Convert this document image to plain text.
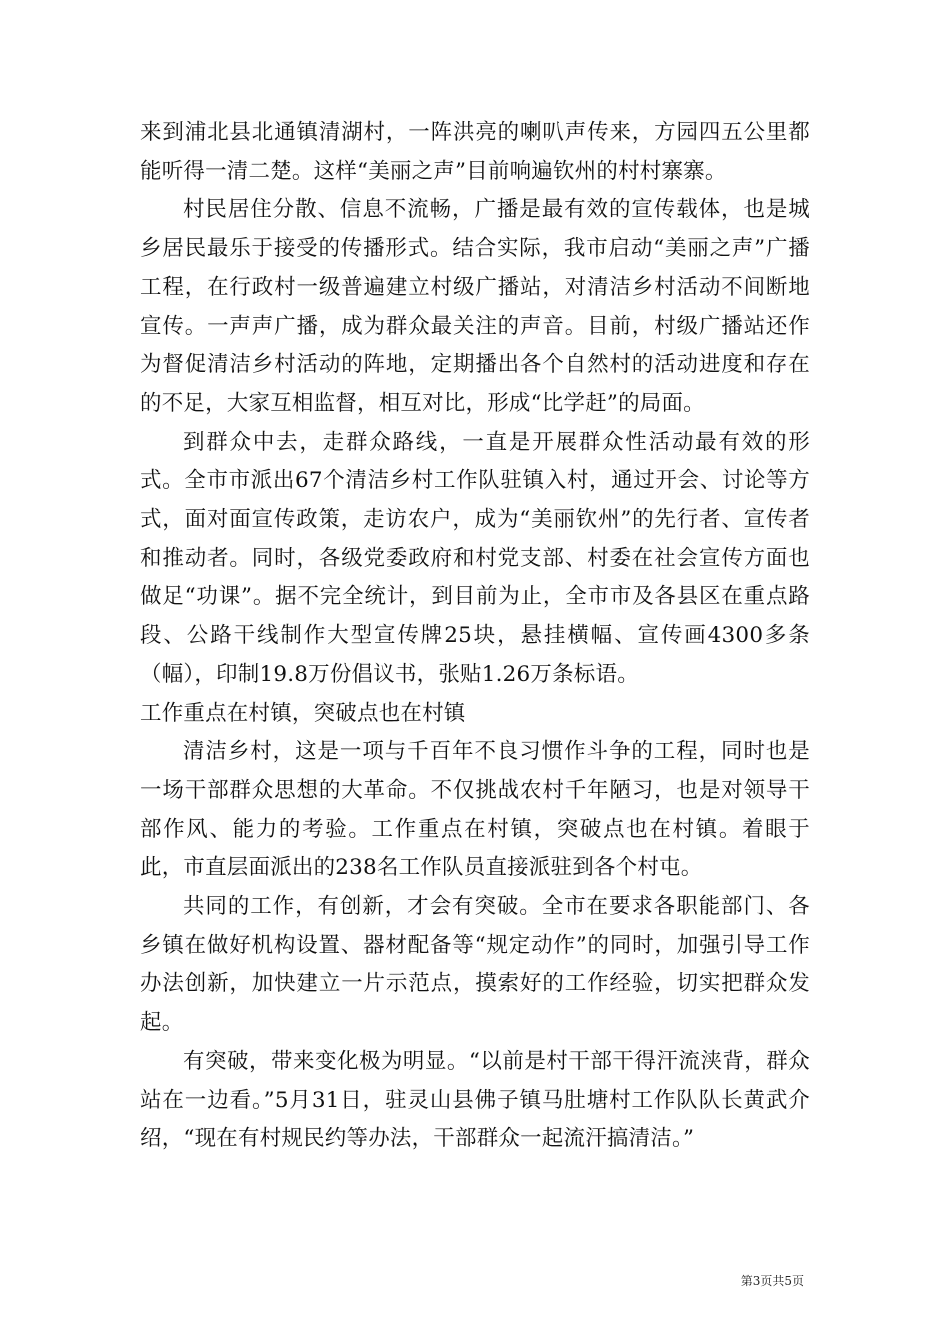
来到浦北县北通镇清湖村，一阵洪亮的喇叭声传来，方园四五公里都能听得一清二楚。这样“美丽之声”目前响遍钦州的村村寨寨。

村民居住分散、信息不流畅，广播是最有效的宣传载体，也是城乡居民最乐于接受的传播形式。结合实际，我市启动“美丽之声”广播工程，在行政村一级普遍建立村级广播站，对清洁乡村活动不间断地宣传。一声声广播，成为群众最关注的声音。目前，村级广播站还作为督促清洁乡村活动的阵地，定期播出各个自然村的活动进度和存在的不足，大家互相监督，相互对比，形成“比学赶”的局面。

到群众中去，走群众路线，一直是开展群众性活动最有效的形式。全市市派出67个清洁乡村工作队驻镇入村，通过开会、讨论等方式，面对面宣传政策，走访农户，成为“美丽钦州”的先行者、宣传者和推动者。同时，各级党委政府和村党支部、村委在社会宣传方面也做足“功课”。据不完全统计，到目前为止，全市市及各县区在重点路段、公路干线制作大型宣传牌25块，悬挂横幅、宣传画4300多条（幅），印制19.8万份倡议书，张贴1.26万条标语。

工作重点在村镇，突破点也在村镇

清洁乡村，这是一项与千百年不良习惯作斗争的工程，同时也是一场干部群众思想的大革命。不仅挑战农村千年陋习，也是对领导干部作风、能力的考验。工作重点在村镇，突破点也在村镇。着眼于此，市直层面派出的238名工作队员直接派驻到各个村屯。

共同的工作，有创新，才会有突破。全市在要求各职能部门、各乡镇在做好机构设置、器材配备等“规定动作”的同时，加强引导工作办法创新，加快建立一片示范点，摸索好的工作经验，切实把群众发起。

有突破，带来变化极为明显。“以前是村干部干得汗流浃背，群众站在一边看。”5月31日，驻灵山县佛子镇马肚塘村工作队队长黄武介绍，“现在有村规民约等办法，干部群众一起流汗搞清洁。”

第3页共5页
